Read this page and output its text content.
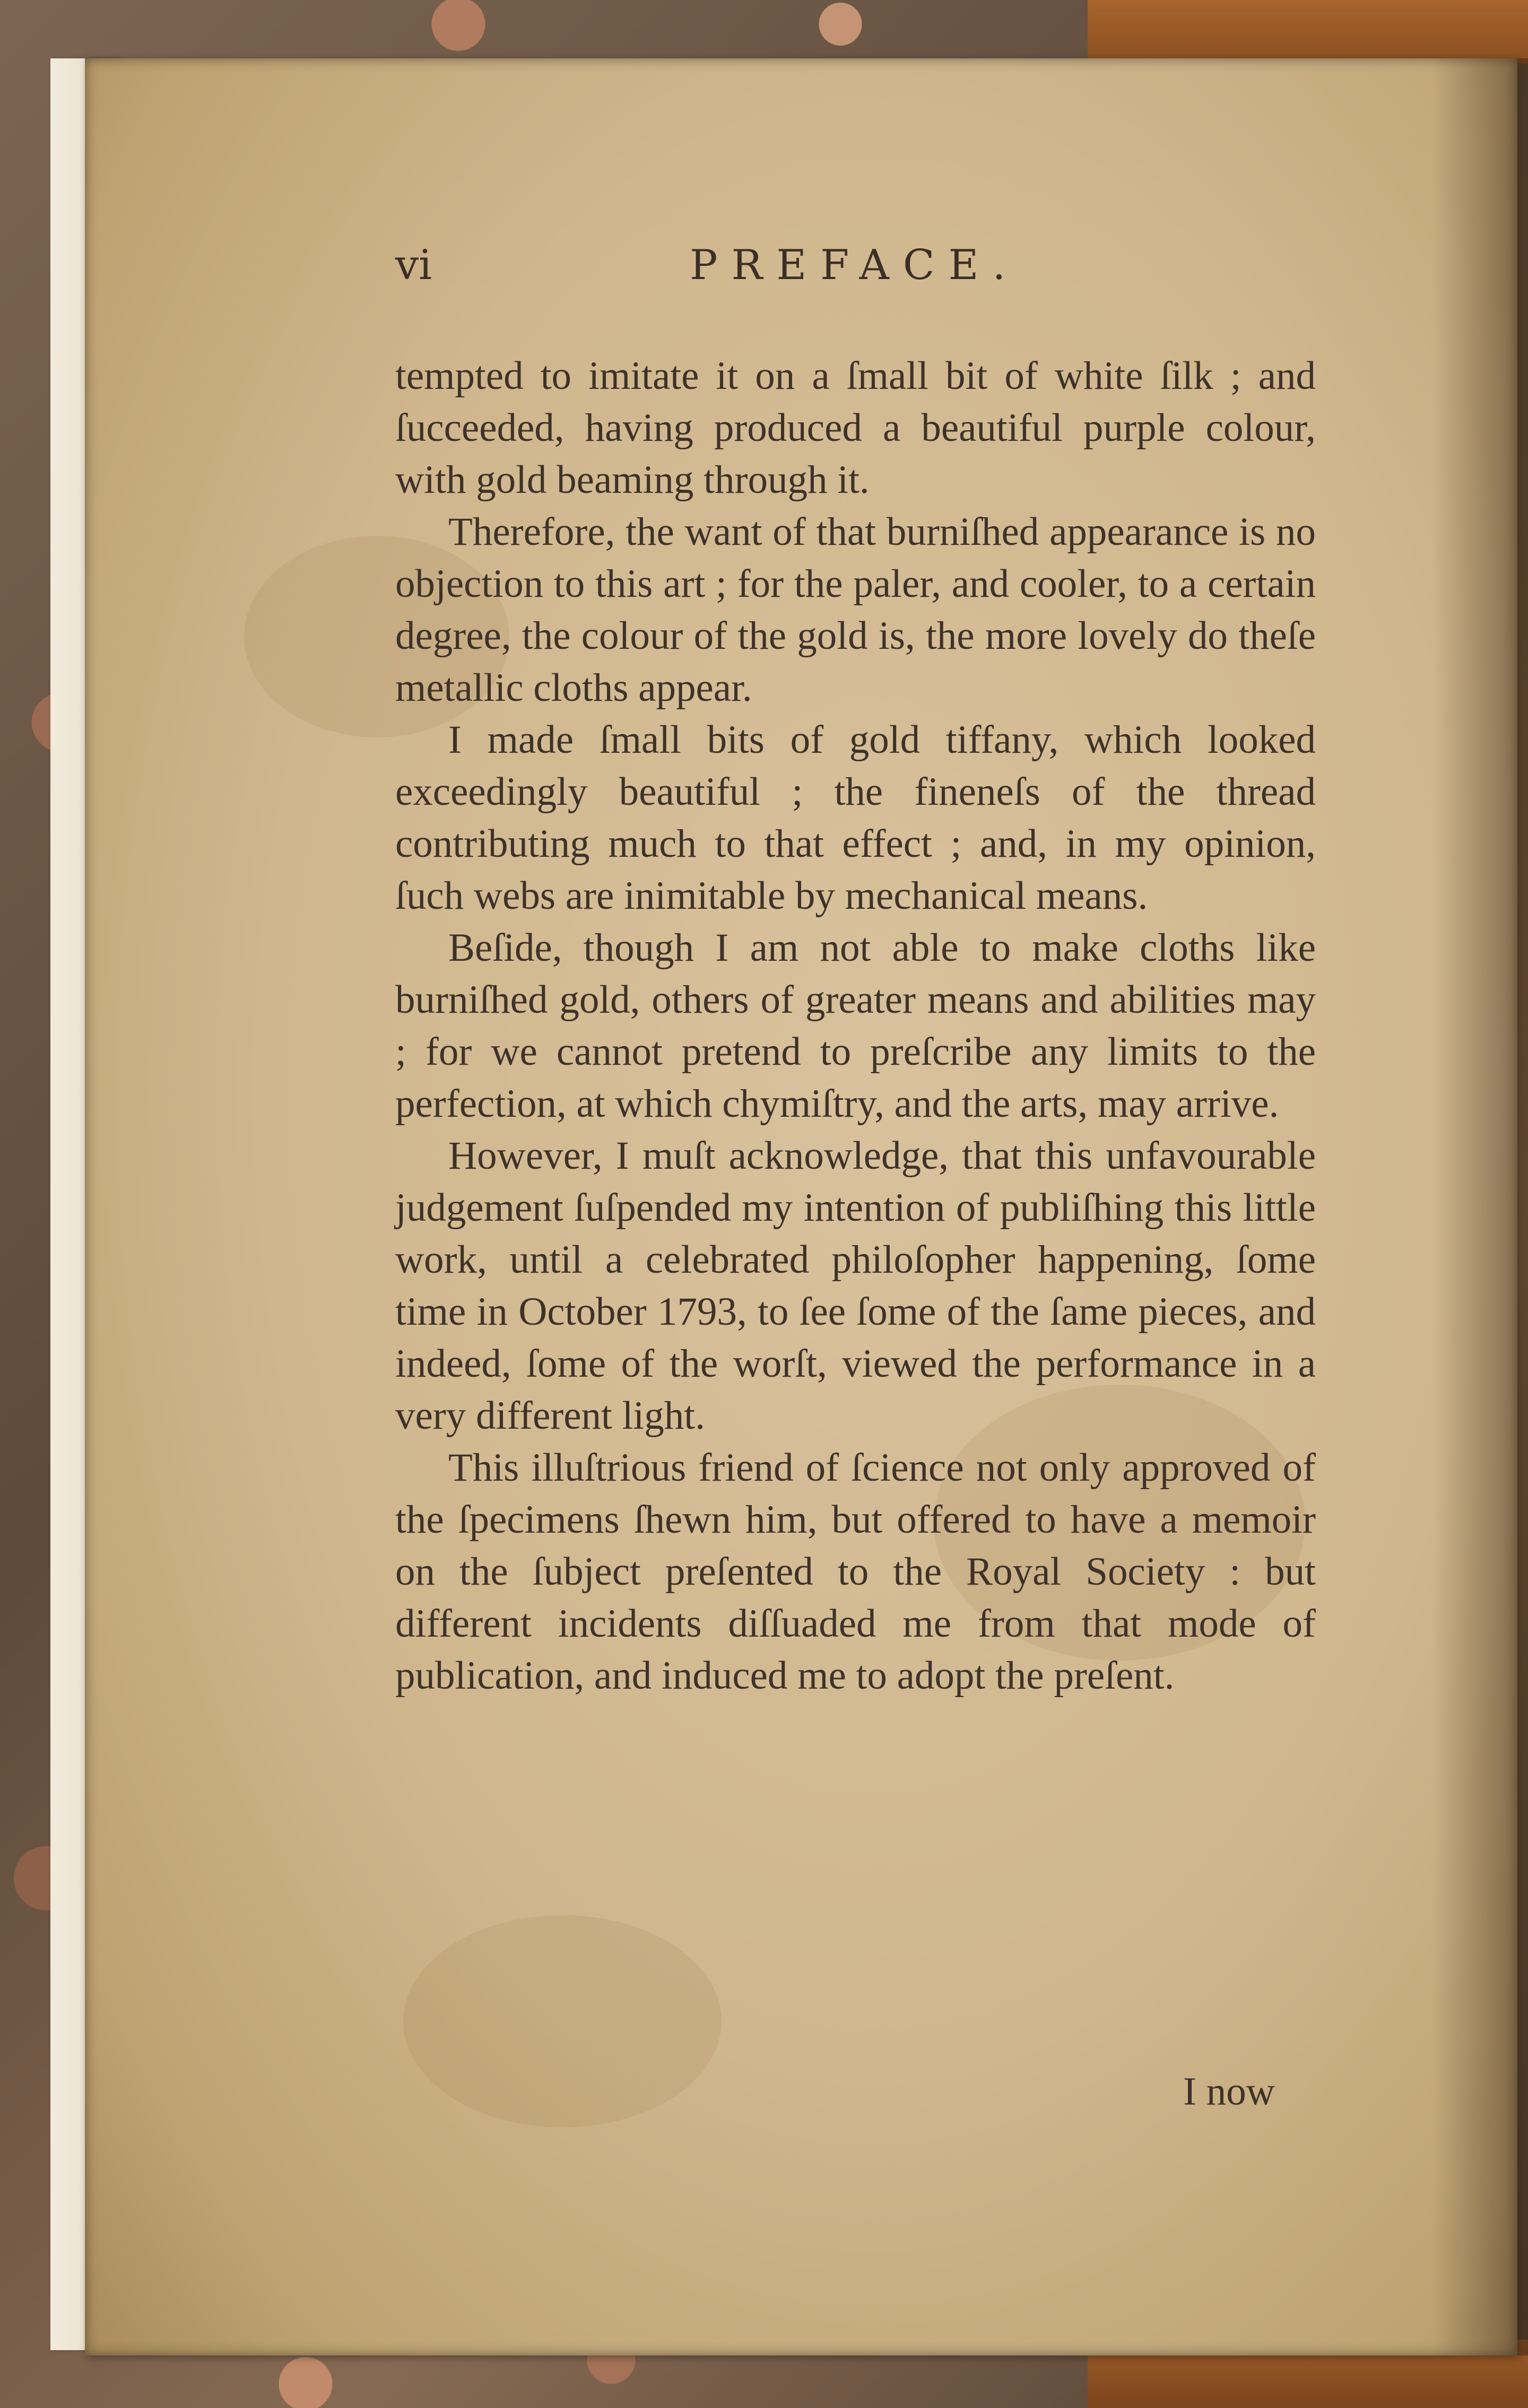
vi	PREFACE.

tempted to imitate it on a ſmall bit of white ſilk ; and ſucceeded, having produced a beautiful purple colour, with gold beaming through it.

Therefore, the want of that burniſhed appearance is no objection to this art ; for the paler, and cooler, to a certain degree, the colour of the gold is, the more lovely do theſe metallic cloths appear.

I made ſmall bits of gold tiffany, which looked exceedingly beautiful ; the fineneſs of the thread contributing much to that effect ; and, in my opinion, ſuch webs are inimitable by mechanical means.

Beſide, though I am not able to make cloths like burniſhed gold, others of greater means and abilities may ; for we cannot pretend to preſcribe any limits to the perfection, at which chymiſtry, and the arts, may arrive.

However, I muſt acknowledge, that this unfavourable judgement ſuſpended my intention of publiſhing this little work, until a celebrated philoſopher happening, ſome time in October 1793, to ſee ſome of the ſame pieces, and indeed, ſome of the worſt, viewed the performance in a very different light.

This illuſtrious friend of ſcience not only approved of the ſpecimens ſhewn him, but offered to have a memoir on the ſubject preſented to the Royal Society : but different incidents diſſuaded me from that mode of publication, and induced me to adopt the preſent.

I now
